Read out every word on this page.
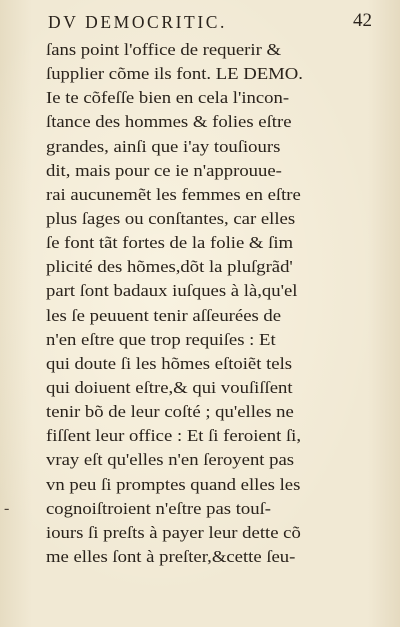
DV DEMOCRITIC.	42
-
ſans point l'office de requerir &
ſupplier cõme ils font. LE DEMO.
Ie te cõfeſſe bien en cela l'incon-
ſtance des hommes & folies eſtre
grandes, ainſi que i'ay touſiours
dit, mais pour ce ie n'approuue-
rai aucunemẽt les femmes en eſtre
plus ſages ou conſtantes, car elles
ſe font tãt fortes de la folie & ſim
plicité des hõmes,dõt la pluſgrãd'
part ſont badaux iuſques à là,qu'el
les ſe peuuent tenir aſſeurées de
n'en eſtre que trop requiſes : Et
qui doute ſi les hõmes eſtoiẽt tels
qui doiuent eſtre,& qui vouſiſſent
tenir bõ de leur coſté ; qu'elles ne
fiſſent leur office : Et ſi feroient ſi,
vray eſt qu'elles n'en ſeroyent pas
vn peu ſi promptes quand elles les
cognoiſtroient n'eſtre pas touſ-
iours ſi preſts à payer leur dette cõ
me elles ſont à preſter,&cette ſeu-
